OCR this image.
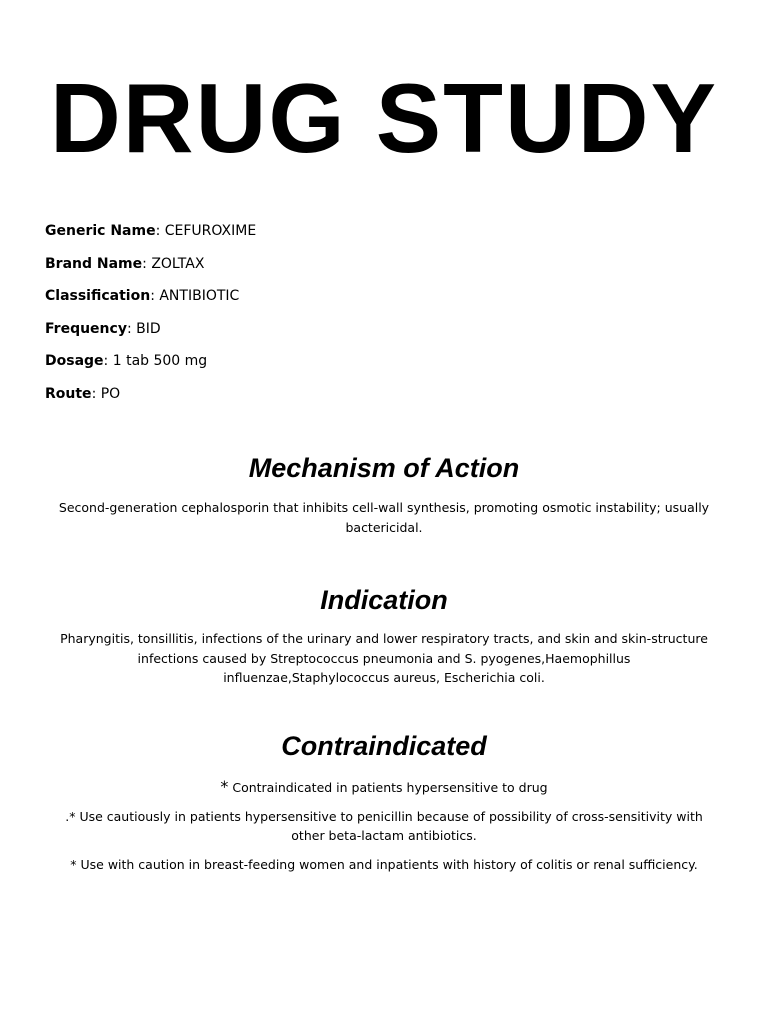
DRUG STUDY
Generic Name: CEFUROXIME
Brand Name: ZOLTAX
Classification: ANTIBIOTIC
Frequency: BID
Dosage: 1 tab 500 mg
Route: PO
Mechanism of Action

Second-generation cephalosporin that inhibits cell-wall synthesis, promoting osmotic instability; usually bactericidal.

Indication

Pharyngitis, tonsillitis, infections of the urinary and lower respiratory tracts, and skin and skin-structure infections caused by Streptococcus pneumonia and S. pyogenes,Haemophillus influenzae,Staphylococcus aureus, Escherichia coli.

Contraindicated

* Contraindicated in patients hypersensitive to drug

.* Use cautiously in patients hypersensitive to penicillin because of possibility of cross-sensitivity with other beta-lactam antibiotics.

* Use with caution in breast-feeding women and inpatients with history of colitis or renal sufficiency.
